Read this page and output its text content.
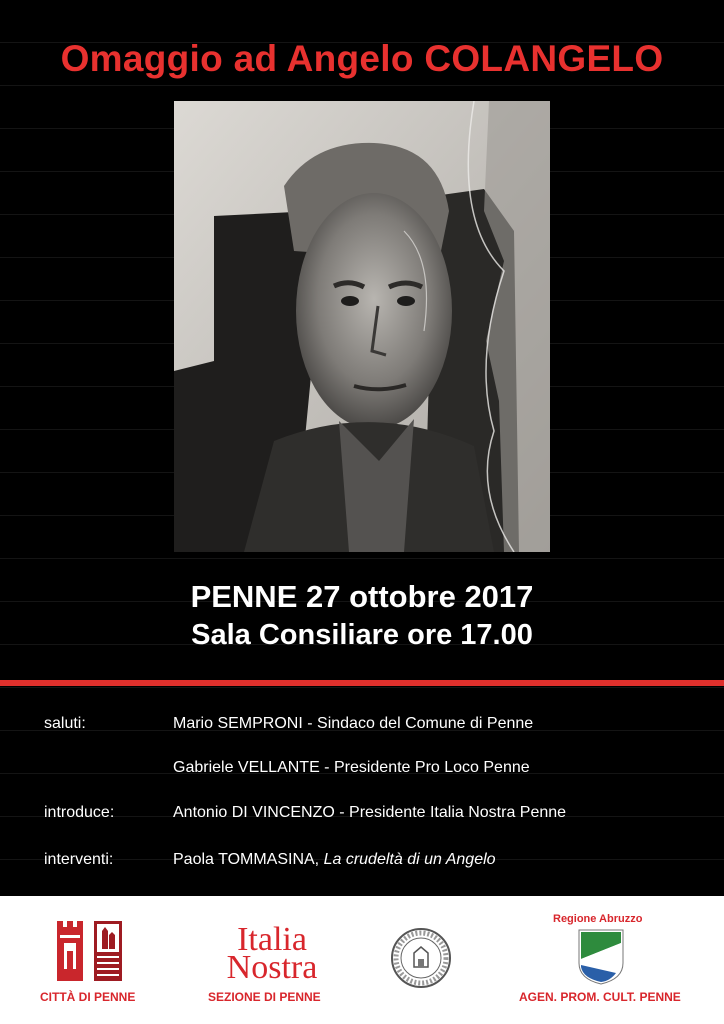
Omaggio ad Angelo COLANGELO
PENNE 27 ottobre 2017
Sala Consiliare ore 17.00
saluti:	Mario SEMPRONI - Sindaco del Comune di Penne
Gabriele VELLANTE - Presidente Pro Loco Penne
introduce:	Antonio DI VINCENZO - Presidente Italia Nostra Penne
interventi:	Paola TOMMASINA, La crudeltà di un Angelo
CITTÀ DI PENNE
Italia
Nostra
SEZIONE DI PENNE
Regione Abruzzo
AGEN. PROM. CULT. PENNE
